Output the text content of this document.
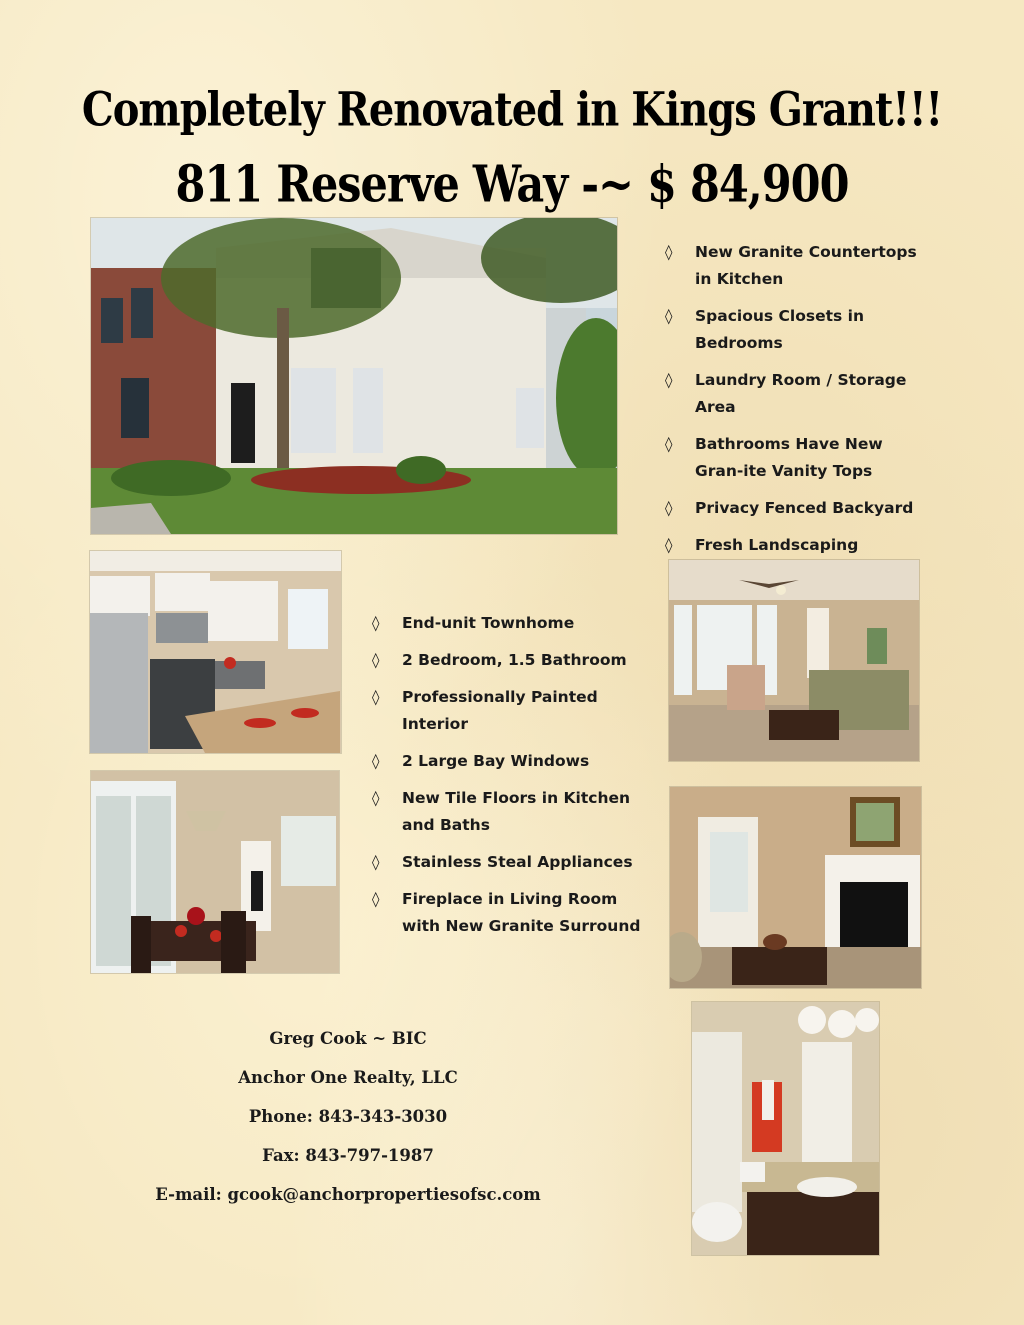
Completely Renovated in Kings Grant!!!
811 Reserve Way -~ $ 84,900
◊ New Granite Countertops in Kitchen
◊ Spacious Closets in Bedrooms
◊ Laundry Room / Storage Area
◊ Bathrooms Have New Gran-ite Vanity Tops
◊ Privacy Fenced Backyard
◊ Fresh Landscaping
◊ End-unit Townhome
◊ 2 Bedroom, 1.5 Bathroom
◊ Professionally Painted Interior
◊ 2 Large Bay Windows
◊ New Tile Floors in Kitchen and Baths
◊ Stainless Steal Appliances
◊ Fireplace in Living Room with New Granite Surround

Greg Cook ~ BIC

Anchor One Realty, LLC

Phone: 843-343-3030

Fax: 843-797-1987

E-mail: gcook@anchorpropertiesofsc.com
